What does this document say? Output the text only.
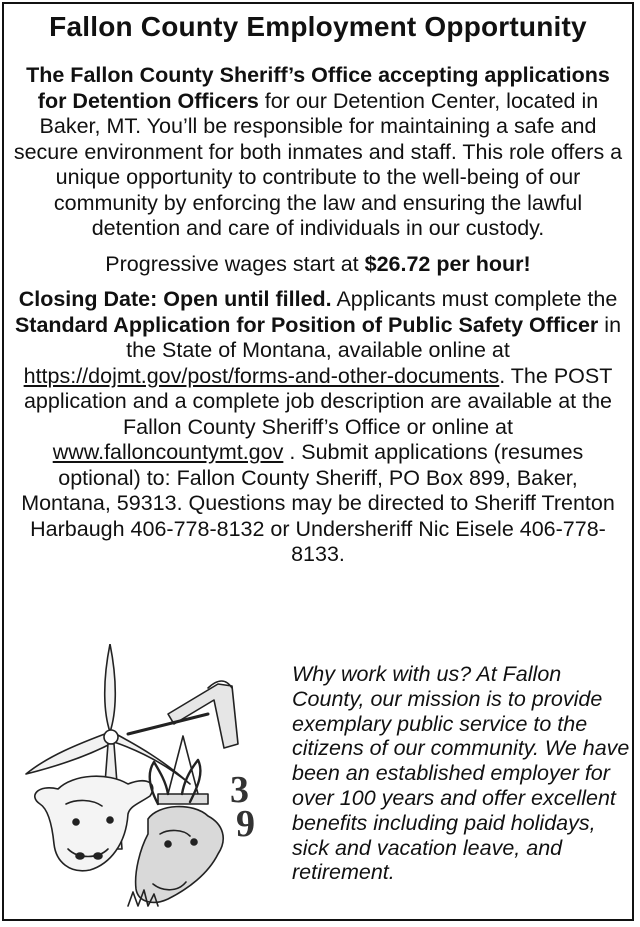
Fallon County Employment Opportunity
The Fallon County Sheriff’s Office accepting applications for Detention Officers for our Detention Center, located in Baker, MT. You’ll be responsible for maintaining a safe and secure environment for both inmates and staff. This role offers a unique opportunity to contribute to the well-being of our community by enforcing the law and ensuring the lawful detention and care of individuals in our custody.
Progressive wages start at $26.72 per hour!
Closing Date: Open until filled. Applicants must complete the Standard Application for Position of Public Safety Officer in the State of Montana, available online at https://dojmt.gov/post/forms-and-other-documents. The POST application and a complete job description are available at the Fallon County Sheriff’s Office or online at www.falloncountymt.gov . Submit applications (resumes optional) to: Fallon County Sheriff, PO Box 899, Baker, Montana, 59313. Questions may be directed to Sheriff Trenton Harbaugh 406-778-8132 or Undersheriff Nic Eisele 406-778-8133.
3
9
Why work with us? At Fallon County, our mission is to provide exemplary public service to the citizens of our community. We have been an established employer for over 100 years and offer excellent benefits including paid holidays, sick and vacation leave, and retirement.
